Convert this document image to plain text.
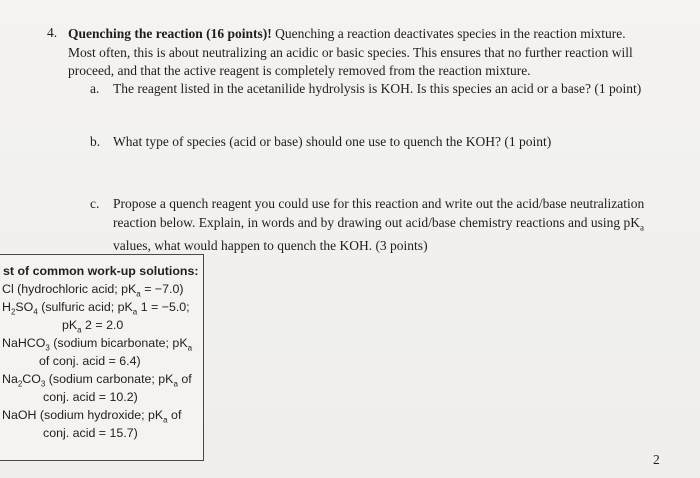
4. Quenching the reaction (16 points)! Quenching a reaction deactivates species in the reaction mixture.
Most often, this is about neutralizing an acidic or basic species. This ensures that no further reaction will
proceed, and that the active reagent is completely removed from the reaction mixture.
a. The reagent listed in the acetanilide hydrolysis is KOH. Is this species an acid or a base? (1 point)
b. What type of species (acid or base) should one use to quench the KOH? (1 point)
c. Propose a quench reagent you could use for this reaction and write out the acid/base neutralization
reaction below. Explain, in words and by drawing out acid/base chemistry reactions and using $pK_a$
values, what would happen to quench the KOH. (3 points)
st of common work-up solutions:
Cl (hydrochloric acid; $pK_a = -7.0$)
$H_2SO_4$ (sulfuric acid; $pK_a$ 1 = −5.0;
$pK_a$ 2 = 2.0
NaHCO$_3$ (sodium bicarbonate; $pK_a$
of conj. acid = 6.4)
$Na_2CO_3$ (sodium carbonate; $pK_a$ of
conj. acid = 10.2)
NaOH (sodium hydroxide; $pK_a$ of
conj. acid = 15.7)
2
